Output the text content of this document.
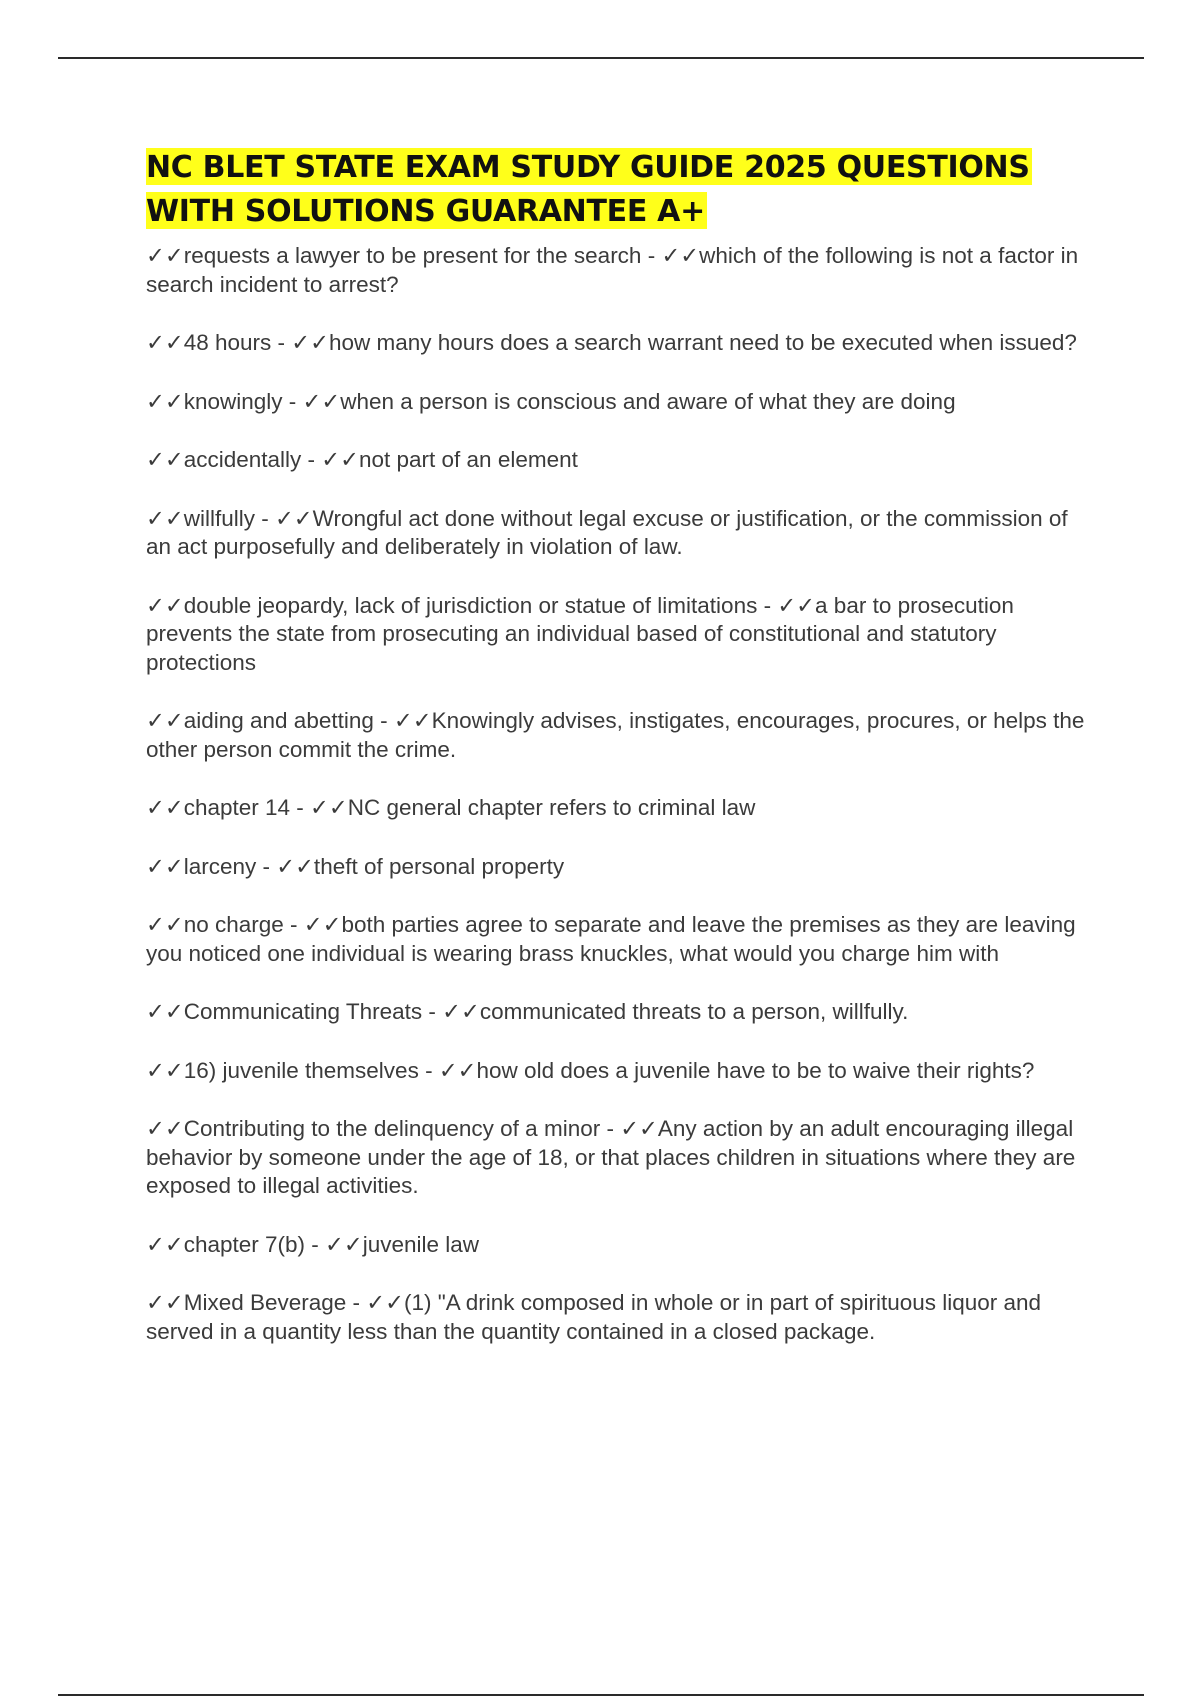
NC BLET STATE EXAM STUDY GUIDE 2025 QUESTIONS
WITH SOLUTIONS GUARANTEE A+

✓✓requests a lawyer to be present for the search - ✓✓which of the following is not a factor in search incident to arrest?

✓✓48 hours - ✓✓how many hours does a search warrant need to be executed when issued?

✓✓knowingly - ✓✓when a person is conscious and aware of what they are doing

✓✓accidentally - ✓✓not part of an element

✓✓willfully - ✓✓Wrongful act done without legal excuse or justification, or the commission of an act purposefully and deliberately in violation of law.

✓✓double jeopardy, lack of jurisdiction or statue of limitations - ✓✓a bar to prosecution prevents the state from prosecuting an individual based of constitutional and statutory protections

✓✓aiding and abetting - ✓✓Knowingly advises, instigates, encourages, procures, or helps the other person commit the crime.

✓✓chapter 14 - ✓✓NC general chapter refers to criminal law

✓✓larceny - ✓✓theft of personal property

✓✓no charge - ✓✓both parties agree to separate and leave the premises as they are leaving you noticed one individual is wearing brass knuckles, what would you charge him with

✓✓Communicating Threats - ✓✓communicated threats to a person, willfully.

✓✓16) juvenile themselves - ✓✓how old does a juvenile have to be to waive their rights?

✓✓Contributing to the delinquency of a minor - ✓✓Any action by an adult encouraging illegal behavior by someone under the age of 18, or that places children in situations where they are exposed to illegal activities.

✓✓chapter 7(b) - ✓✓juvenile law

✓✓Mixed Beverage - ✓✓(1) "A drink composed in whole or in part of spirituous liquor and served in a quantity less than the quantity contained in a closed package.
